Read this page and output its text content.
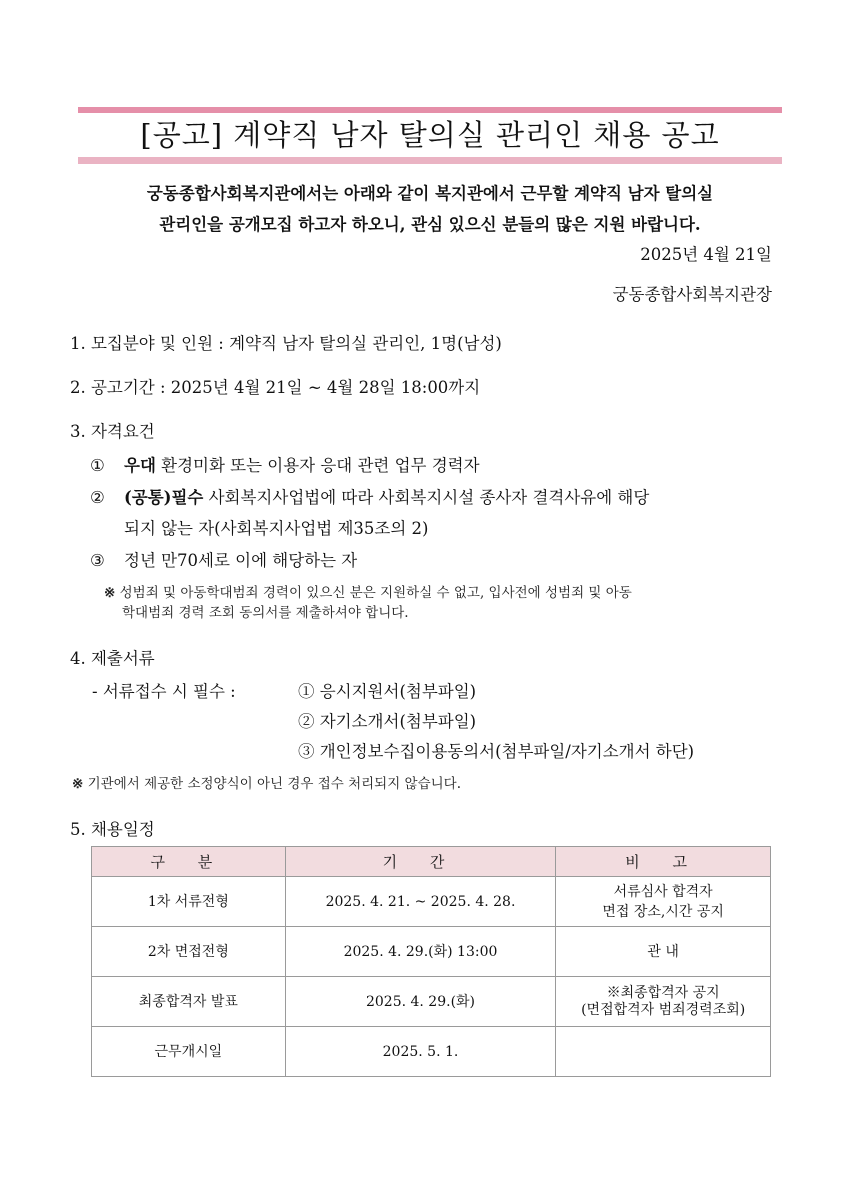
[공고] 계약직 남자 탈의실 관리인 채용 공고
궁동종합사회복지관에서는 아래와 같이 복지관에서 근무할 계약직 남자 탈의실
관리인을 공개모집 하고자 하오니, 관심 있으신 분들의 많은 지원 바랍니다.
2025년 4월 21일
궁동종합사회복지관장
1. 모집분야 및 인원 : 계약직 남자 탈의실 관리인, 1명(남성)
2. 공고기간 : 2025년 4월 21일 ~ 4월 28일 18:00까지
3. 자격요건
① 우대 환경미화 또는 이용자 응대 관련 업무 경력자
② (공통)필수 사회복지사업법에 따라 사회복지시설 종사자 결격사유에 해당
되지 않는 자(사회복지사업법 제35조의 2)
③ 정년 만70세로 이에 해당하는 자
※ 성범죄 및 아동학대범죄 경력이 있으신 분은 지원하실 수 없고, 입사전에 성범죄 및 아동
학대범죄 경력 조회 동의서를 제출하셔야 합니다.
4. 제출서류
- 서류접수 시 필수 :	① 응시지원서(첨부파일)
② 자기소개서(첨부파일)
③ 개인정보수집이용동의서(첨부파일/자기소개서 하단)
※ 기관에서 제공한 소정양식이 아닌 경우 접수 처리되지 않습니다.
5. 채용일정
구 분	기 간	비 고
1차 서류전형	2025. 4. 21. ~ 2025. 4. 28.	서류심사 합격자
면접 장소,시간 공지

2차 면접전형	2025. 4. 29.(화) 13:00	관 내

최종합격자 발표	2025. 4. 29.(화)	※최종합격자 공지
(면접합격자 범죄경력조회)

근무개시일	2025. 5. 1.	
